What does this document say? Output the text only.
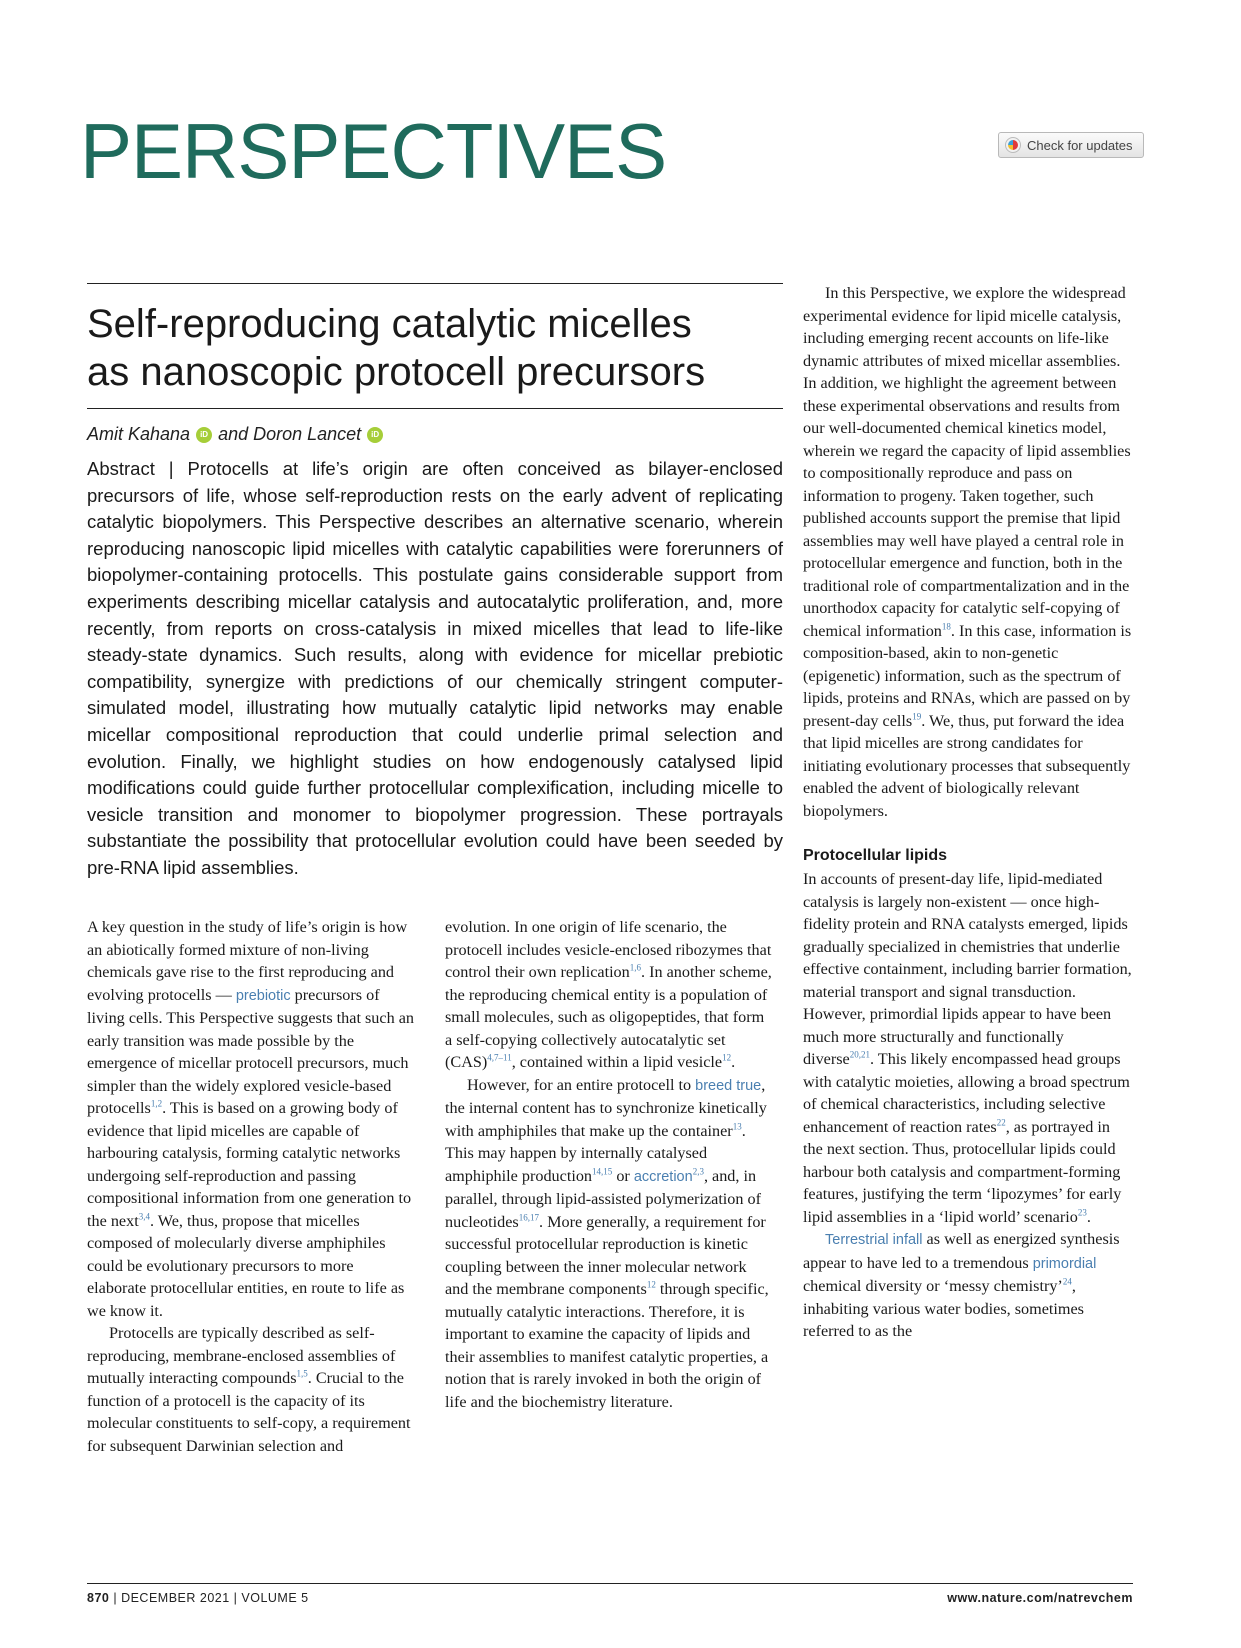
PERSPECTIVES	Check for updates

In this Perspective, we explore the widespread experimental evidence for lipid micelle catalysis, including emerging recent accounts on life-like dynamic attributes of mixed micellar assemblies. In addition, we highlight the agreement between these experimental observations and results from our well-documented chemical kinetics model, wherein we regard the capacity of lipid assemblies to compositionally reproduce and pass on information to progeny. Taken together, such published accounts support the premise that lipid assemblies may well have played a central role in protocellular emergence and function, both in the traditional role of compartmentalization and in the unorthodox capacity for catalytic self-copying of chemical information$^{18}$. In this case, information is composition-based, akin to non-genetic (epigenetic) information, such as the spectrum of lipids, proteins and RNAs, which are passed on by present-day cells$^{19}$. We, thus, put forward the idea that lipid micelles are strong candidates for initiating evolutionary processes that subsequently enabled the advent of biologically relevant biopolymers.

Protocellular lipids

In accounts of present-day life, lipid-mediated catalysis is largely non-existent — once high-fidelity protein and RNA catalysts emerged, lipids gradually specialized in chemistries that underlie effective containment, including barrier formation, material transport and signal transduction. However, primordial lipids appear to have been much more structurally and functionally diverse$^{20,21}$. This likely encompassed head groups with catalytic moieties, allowing a broad spectrum of chemical characteristics, including selective enhancement of reaction rates$^{22}$, as portrayed in the next section. Thus, protocellular lipids could harbour both catalysis and compartment-forming features, justifying the term ‘lipozymes’ for early lipid assemblies in a ‘lipid world’ scenario$^{23}$.

Terrestrial infall as well as energized synthesis appear to have led to a tremendous primordial chemical diversity or ‘messy chemistry’$^{24}$, inhabiting various water bodies, sometimes referred to as the

Self-reproducing catalytic micelles
as nanoscopic protocell precursors
Amit Kahana	iD and Doron Lancet	iD

Abstract | Protocells at life’s origin are often conceived as bilayer-enclosed precursors of life, whose self-reproduction rests on the early advent of replicating catalytic biopolymers. This Perspective describes an alternative scenario, wherein reproducing nanoscopic lipid micelles with catalytic capabilities were forerunners of biopolymer-containing protocells. This postulate gains considerable support from experiments describing micellar catalysis and autocatalytic proliferation, and, more recently, from reports on cross-catalysis in mixed micelles that lead to life-like steady-state dynamics. Such results, along with evidence for micellar prebiotic compatibility, synergize with predictions of our chemically stringent computer-simulated model, illustrating how mutually catalytic lipid networks may enable micellar compositional reproduction that could underlie primal selection and evolution. Finally, we highlight studies on how endogenously catalysed lipid modifications could guide further protocellular complexification, including micelle to vesicle transition and monomer to biopolymer progression. These portrayals substantiate the possibility that protocellular evolution could have been seeded by pre-RNA lipid assemblies.

A key question in the study of life’s origin is how an abiotically formed mixture of non-living chemicals gave rise to the first reproducing and evolving protocells — prebiotic precursors of living cells. This Perspective suggests that such an early transition was made possible by the emergence of micellar protocell precursors, much simpler than the widely explored vesicle-based protocells$^{1,2}$. This is based on a growing body of evidence that lipid micelles are capable of harbouring catalysis, forming catalytic networks undergoing self-reproduction and passing compositional information from one generation to the next$^{3,4}$. We, thus, propose that micelles composed of molecularly diverse amphiphiles could be evolutionary precursors to more elaborate protocellular entities, en route to life as we know it.

Protocells are typically described as self-reproducing, membrane-enclosed assemblies of mutually interacting compounds$^{1,5}$. Crucial to the function of a protocell is the capacity of its molecular constituents to self-copy, a requirement for subsequent Darwinian selection and

evolution. In one origin of life scenario, the protocell includes vesicle-enclosed ribozymes that control their own replication$^{1,6}$. In another scheme, the reproducing chemical entity is a population of small molecules, such as oligopeptides, that form a self-copying collectively autocatalytic set (CAS)$^{4,7-11}$, contained within a lipid vesicle$^{12}$.

However, for an entire protocell to breed true, the internal content has to synchronize kinetically with amphiphiles that make up the container$^{13}$. This may happen by internally catalysed amphiphile production$^{14,15}$ or accretion$^{2,3}$, and, in parallel, through lipid-assisted polymerization of nucleotides$^{16,17}$. More generally, a requirement for successful protocellular reproduction is kinetic coupling between the inner molecular network and the membrane components$^{12}$ through specific, mutually catalytic interactions. Therefore, it is important to examine the capacity of lipids and their assemblies to manifest catalytic properties, a notion that is rarely invoked in both the origin of life and the biochemistry literature.

870 | DECEMBER 2021 | VOLUME 5	www.nature.com/natrevchem
